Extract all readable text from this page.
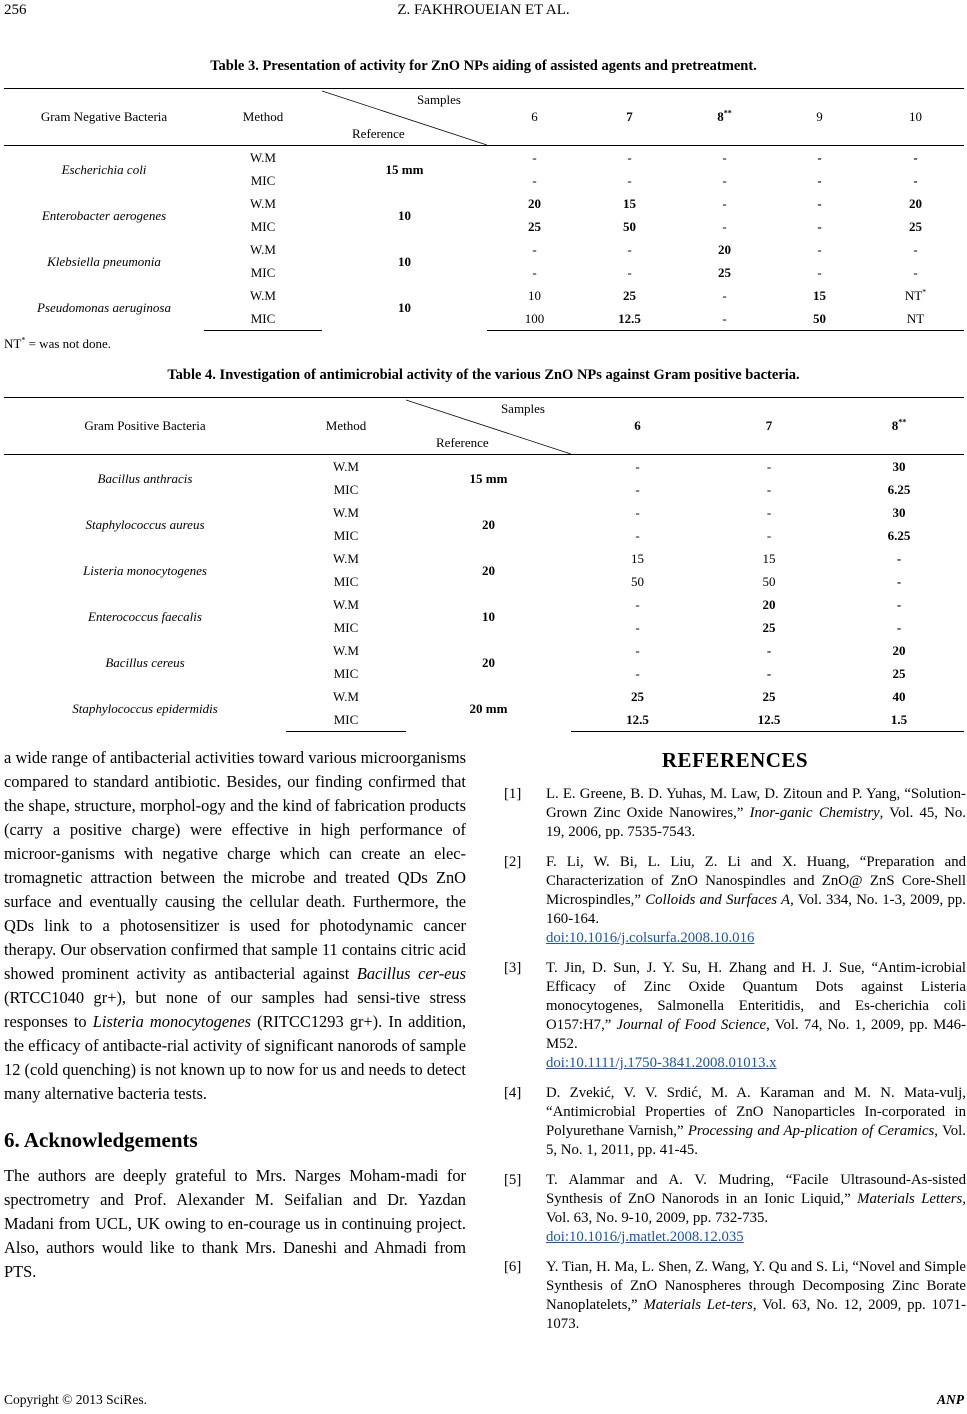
256	Z. FAKHROUEIAN ET AL.
Table 3. Presentation of activity for ZnO NPs aiding of assisted agents and pretreatment.
Gram Negative Bacteria	Method	Samples
Reference	6	7	8**	9	10
Escherichia coli	W.M	15 mm	-	-	-	-	-
	MIC		-	-	-	-	-
Enterobacter aerogenes	W.M	10	20	15	-	-	20
	MIC		25	50	-	-	25
Klebsiella pneumonia	W.M	10	-	-	20	-	-
	MIC		-	-	25	-	-
Pseudomonas aeruginosa	W.M	10	10	25	-	15	NT*
	MIC		100	12.5	-	50	NT
NT* = was not done.
Table 4. Investigation of antimicrobial activity of the various ZnO NPs against Gram positive bacteria.
Gram Positive Bacteria	Method	Samples
Reference	6	7	8**
Bacillus anthracis	W.M	15 mm	-	-	30
	MIC		-	-	6.25
Staphylococcus aureus	W.M	20	-	-	30
	MIC		-	-	6.25
Listeria monocytogenes	W.M	20	15	15	-
	MIC		50	50	-
Enterococcus faecalis	W.M	10	-	20	-
	MIC		-	25	-
Bacillus cereus	W.M	20	-	-	20
	MIC		-	-	25
Staphylococcus epidermidis	W.M	20 mm	25	25	40
	MIC		12.5	12.5	1.5

a wide range of antibacterial activities toward various microorganisms compared to standard antibiotic. Besides, our finding confirmed that the shape, structure, morphol-ogy and the kind of fabrication products (carry a positive charge) were effective in high performance of microor-ganisms with negative charge which can create an elec-tromagnetic attraction between the microbe and treated QDs ZnO surface and eventually causing the cellular death. Furthermore, the QDs link to a photosensitizer is used for photodynamic cancer therapy. Our observation confirmed that sample 11 contains citric acid showed prominent activity as antibacterial against Bacillus cer-eus (RTCC1040 gr+), but none of our samples had sensi-tive stress responses to Listeria monocytogenes (RITCC1293 gr+). In addition, the efficacy of antibacte-rial activity of significant nanorods of sample 12 (cold quenching) is not known up to now for us and needs to detect many alternative bacteria tests.

6. Acknowledgements

The authors are deeply grateful to Mrs. Narges Moham-madi for spectrometry and Prof. Alexander M. Seifalian and Dr. Yazdan Madani from UCL, UK owing to en-courage us in continuing project. Also, authors would like to thank Mrs. Daneshi and Ahmadi from PTS.

REFERENCES
[1] L. E. Greene, B. D. Yuhas, M. Law, D. Zitoun and P. Yang, “Solution-Grown Zinc Oxide Nanowires,” Inor-ganic Chemistry, Vol. 45, No. 19, 2006, pp. 7535-7543.
[2] F. Li, W. Bi, L. Liu, Z. Li and X. Huang, “Preparation and Characterization of ZnO Nanospindles and ZnO@ ZnS Core-Shell Microspindles,” Colloids and Surfaces A, Vol. 334, No. 1-3, 2009, pp. 160-164.
doi:10.1016/j.colsurfa.2008.10.016
[3] T. Jin, D. Sun, J. Y. Su, H. Zhang and H. J. Sue, “Antim-icrobial Efficacy of Zinc Oxide Quantum Dots against Listeria monocytogenes, Salmonella Enteritidis, and Es-cherichia coli O157:H7,” Journal of Food Science, Vol. 74, No. 1, 2009, pp. M46-M52.
doi:10.1111/j.1750-3841.2008.01013.x
[4] D. Zvekić, V. V. Srdić, M. A. Karaman and M. N. Mata-vulj, “Antimicrobial Properties of ZnO Nanoparticles In-corporated in Polyurethane Varnish,” Processing and Ap-plication of Ceramics, Vol. 5, No. 1, 2011, pp. 41-45.
[5] T. Alammar and A. V. Mudring, “Facile Ultrasound-As-sisted Synthesis of ZnO Nanorods in an Ionic Liquid,” Materials Letters, Vol. 63, No. 9-10, 2009, pp. 732-735.
doi:10.1016/j.matlet.2008.12.035
[6] Y. Tian, H. Ma, L. Shen, Z. Wang, Y. Qu and S. Li, “Novel and Simple Synthesis of ZnO Nanospheres through Decomposing Zinc Borate Nanoplatelets,” Materials Let-ters, Vol. 63, No. 12, 2009, pp. 1071-1073.
Copyright © 2013 SciRes.	ANP
